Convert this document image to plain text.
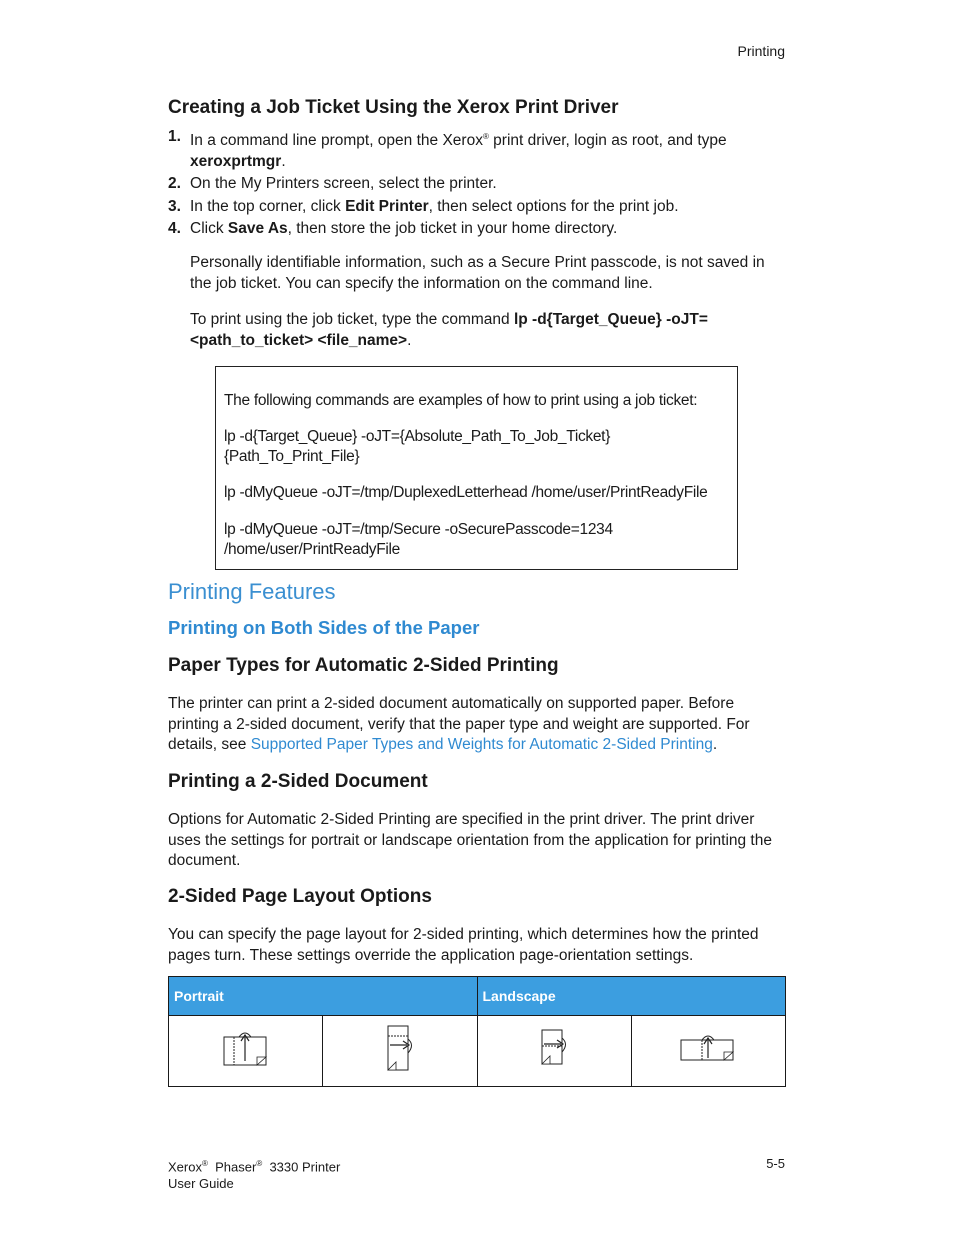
Printing
Creating a Job Ticket Using the Xerox Print Driver
1. In a command line prompt, open the Xerox® print driver, login as root, and type xeroxprtmgr.
2. On the My Printers screen, select the printer.
3. In the top corner, click Edit Printer, then select options for the print job.
4. Click Save As, then store the job ticket in your home directory.
Personally identifiable information, such as a Secure Print passcode, is not saved in the job ticket. You can specify the information on the command line.
To print using the job ticket, type the command lp -d{Target_Queue} -oJT=<path_to_ticket> <file_name>.

The following commands are examples of how to print using a job ticket:

lp -d{Target_Queue} -oJT={Absolute_Path_To_Job_Ticket} {Path_To_Print_File}

lp -dMyQueue -oJT=/tmp/DuplexedLetterhead /home/user/PrintReadyFile

lp -dMyQueue -oJT=/tmp/Secure -oSecurePasscode=1234 /home/user/PrintReadyFile

Printing Features
Printing on Both Sides of the Paper
Paper Types for Automatic 2-Sided Printing
The printer can print a 2-sided document automatically on supported paper. Before printing a 2-sided document, verify that the paper type and weight are supported. For details, see Supported Paper Types and Weights for Automatic 2-Sided Printing.
Printing a 2-Sided Document
Options for Automatic 2-Sided Printing are specified in the print driver. The print driver uses the settings for portrait or landscape orientation from the application for printing the document.
2-Sided Page Layout Options
You can specify the page layout for 2-sided printing, which determines how the printed pages turn. These settings override the application page-orientation settings.
Portrait		Landscape	

Xerox® Phaser® 3330 Printer
User Guide
5-5
